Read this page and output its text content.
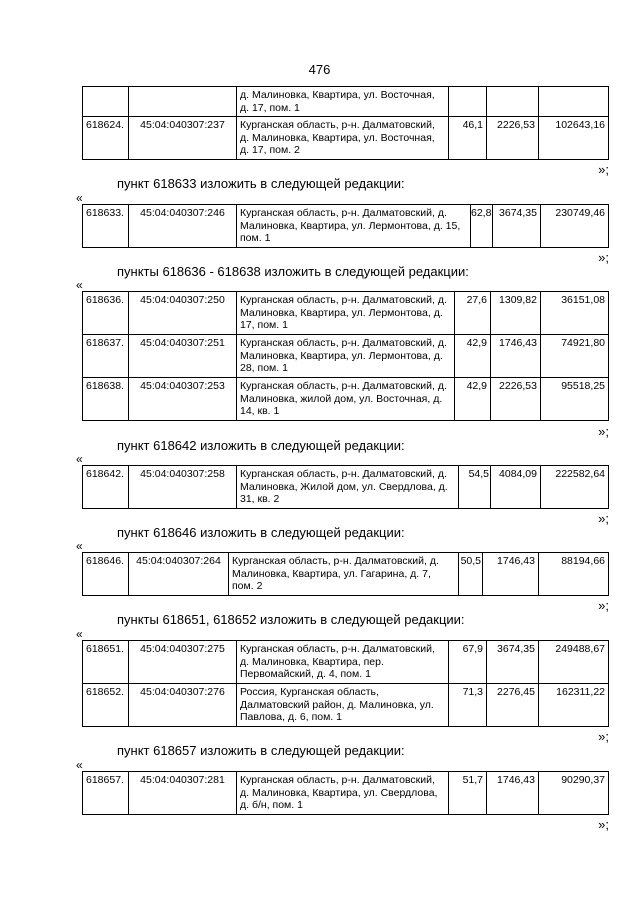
476
		д. Малиновка, Квартира, ул. Восточная, д. 17, пом. 1			
618624.	45:04:040307:237	Курганская область, р-н. Далматовский, д. Малиновка, Квартира, ул. Восточная, д. 17, пом. 2	46,1	2226,53	102643,16
»;
пункт 618633 изложить в следующей редакции:
«
618633.	45:04:040307:246	Курганская область, р-н. Далматовский, д. Малиновка, Квартира, ул. Лермонтова, д. 15, пом. 1	62,8	3674,35	230749,46
»;
пункты 618636 - 618638 изложить в следующей редакции:
«
618636.	45:04:040307:250	Курганская область, р-н. Далматовский, д. Малиновка, Квартира, ул. Лермонтова, д. 17, пом. 1	27,6	1309,82	36151,08
618637.	45:04:040307:251	Курганская область, р-н. Далматовский, д. Малиновка, Квартира, ул. Лермонтова, д. 28, пом. 1	42,9	1746,43	74921,80
618638.	45:04:040307:253	Курганская область, р-н. Далматовский, д. Малиновка, жилой дом, ул. Восточная, д. 14, кв. 1	42,9	2226,53	95518,25
»;
пункт 618642 изложить в следующей редакции:
«
618642.	45:04:040307:258	Курганская область, р-н. Далматовский, д. Малиновка, Жилой дом, ул. Свердлова, д. 31, кв. 2	54,5	4084,09	222582,64
»;
пункт 618646 изложить в следующей редакции:
«
618646.	45:04:040307:264	Курганская область, р-н. Далматовский, д. Малиновка, Квартира, ул. Гагарина, д. 7, пом. 2	50,5	1746,43	88194,66
»;
пункты 618651, 618652 изложить в следующей редакции:
«
618651.	45:04:040307:275	Курганская область, р-н. Далматовский, д. Малиновка, Квартира, пер. Первомайский, д. 4, пом. 1	67,9	3674,35	249488,67
618652.	45:04:040307:276	Россия, Курганская область, Далматовский район, д. Малиновка, ул. Павлова, д. 6, пом. 1	71,3	2276,45	162311,22
»;
пункт 618657 изложить в следующей редакции:
«
618657.	45:04:040307:281	Курганская область, р-н. Далматовский, д. Малиновка, Квартира, ул. Свердлова, д. б/н, пом. 1	51,7	1746,43	90290,37
»;
